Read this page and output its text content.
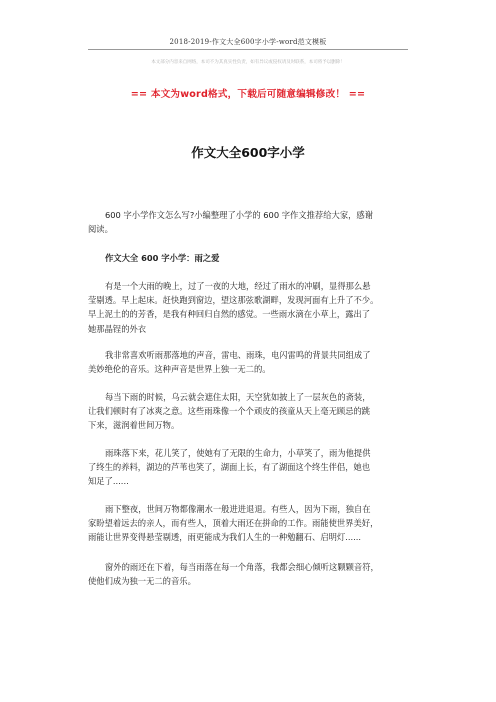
2018-2019-作文大全600字小学-word范文模板
本文部分内容来自网络，本司不为其真实性负责，如有异议或侵权请及时联系，本司将予以删除！
== 本文为word格式，下载后可随意编辑修改！ ==
作文大全600字小学
600 字小学作文怎么写?小编整理了小学的 600 字作文推荐给大家，感谢
阅读。
作文大全 600 字小学：雨之爱
有是一个大雨的晚上，过了一夜的大地，经过了雨水的冲刷，显得那么悬
莹剔透。早上起床。赶快跑到窗边，望这那弦歌湖畔，发现河面有上升了不少。
早上泥土的的芳香，是我有种回归自然的感觉。一些雨水滴在小草上，露出了
她那晶锃的外衣
我非常喜欢听雨那落地的声音，雷电、雨珠，电闪雷鸣的背景共同组成了
美妙绝伦的音乐。这种声音是世界上独一无二的。
每当下雨的时候，乌云就会遮住太阳，天空犹如披上了一层灰色的斋装，
让我们顿时有了冰爽之意。这些雨珠像一个个顽皮的孩童从天上毫无顾忌的跳
下来，滋润着世间万物。
雨珠落下来，花儿笑了，使她有了无限的生命力，小草笑了，雨为他提供
了终生的养料，湖边的芦苇也笑了，湖面上长，有了湖面这个终生伴侣，她也
知足了......
雨下整夜，世间万物都像潮水一般进进退退。有些人，因为下雨，独自在
家盼望着远去的亲人，而有些人，顶着大雨还在拼命的工作。雨能使世界美好，
雨能让世界变得悬莹剔透，雨更能成为我们人生的一种勉翻石、启明灯......
窗外的雨还在下着，每当雨落在每一个角落，我都会细心倾听这颗颗音符，
使他们成为独一无二的音乐。
